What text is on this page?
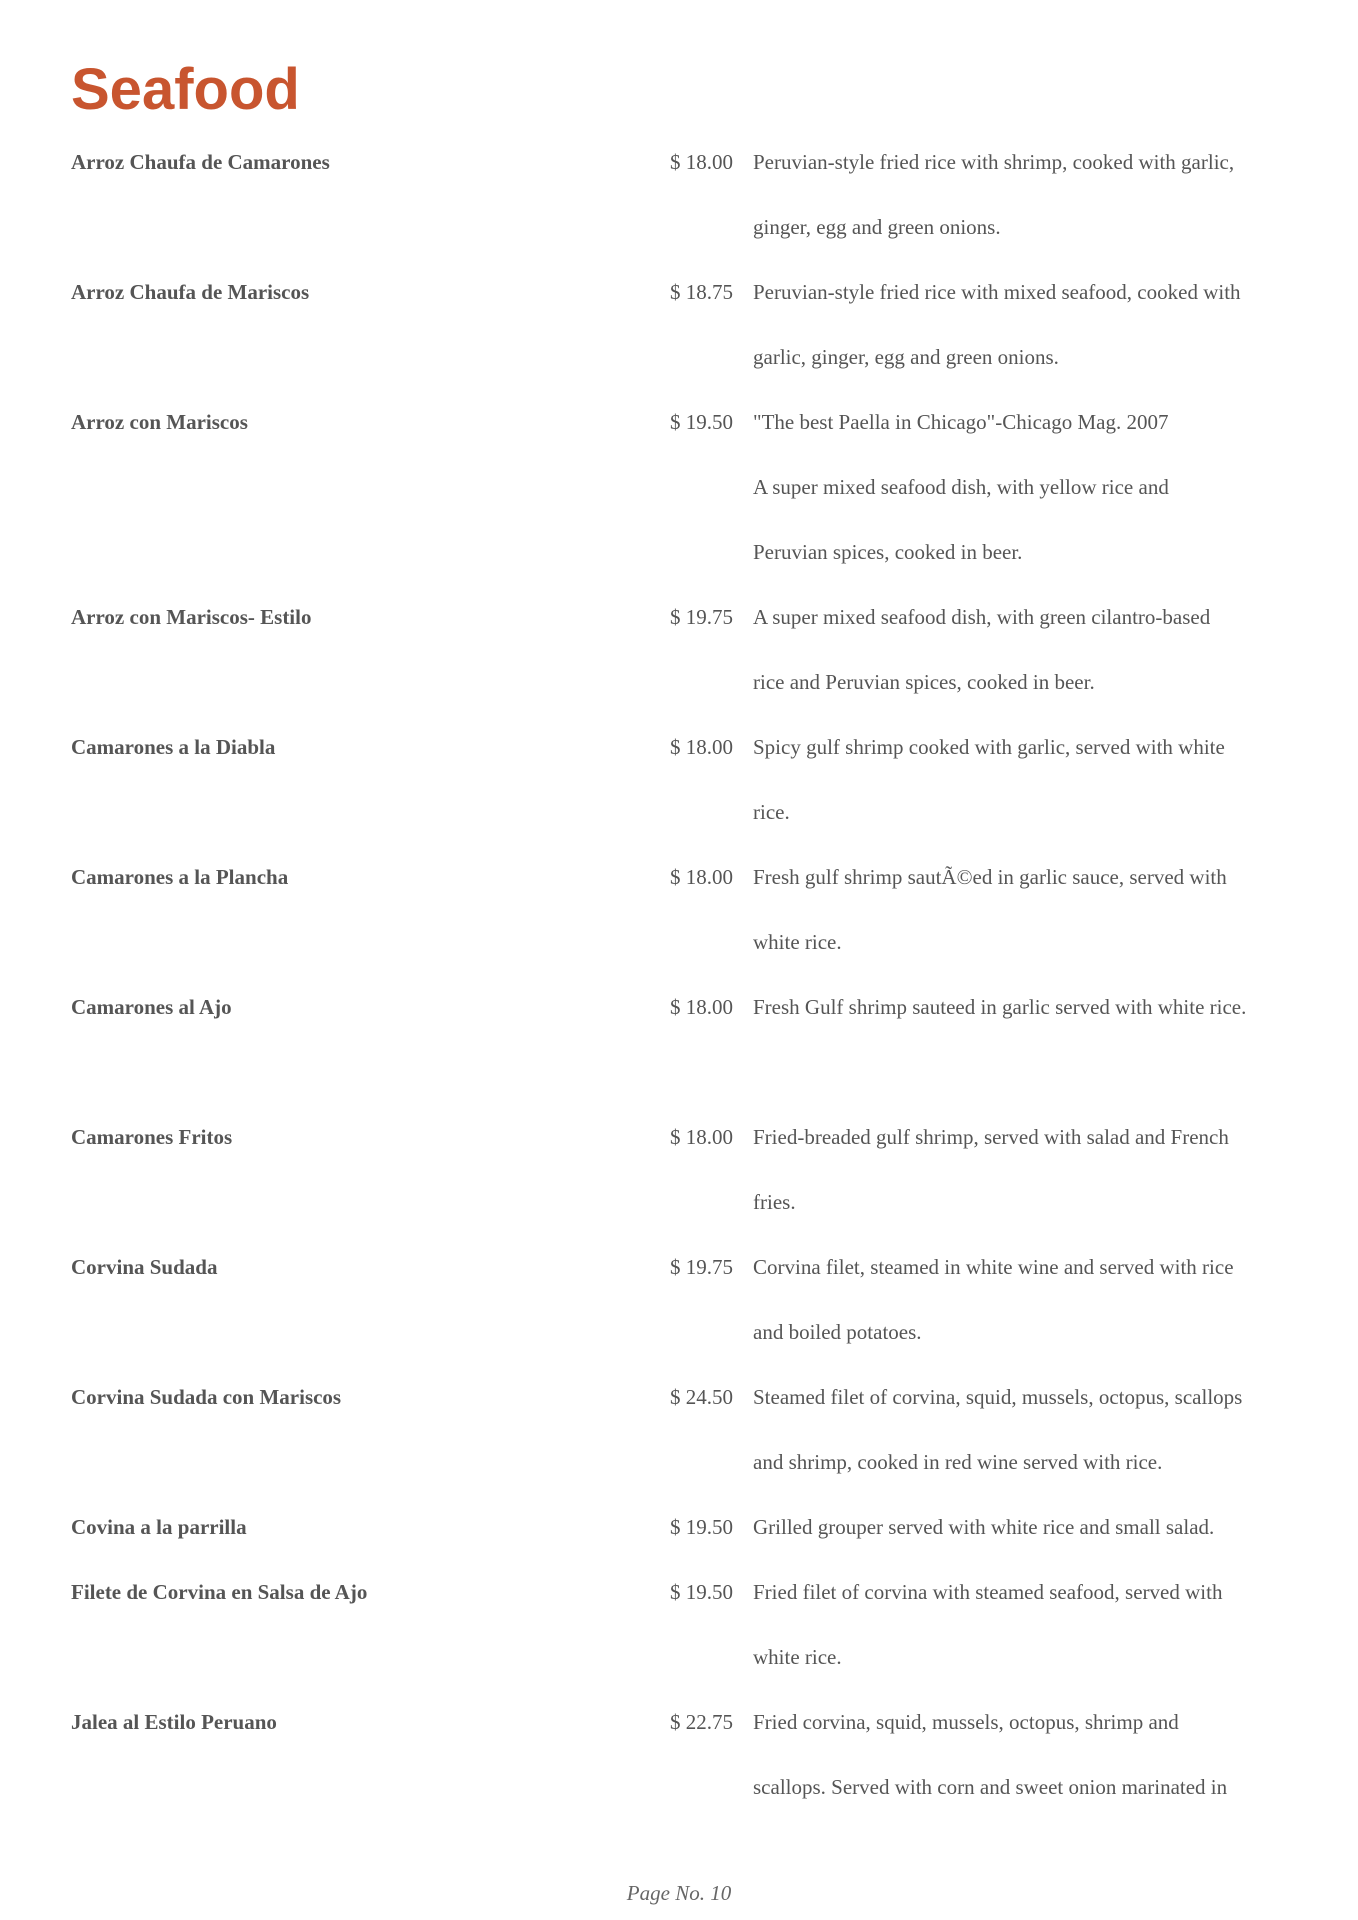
Seafood
Arroz Chaufa de Camarones	$ 18.00 Peruvian-style fried rice with shrimp, cooked with garlic,
ginger, egg and green onions.
Arroz Chaufa de Mariscos	$ 18.75 Peruvian-style fried rice with mixed seafood, cooked with
garlic, ginger, egg and green onions.
Arroz con Mariscos	$ 19.50 "The best Paella in Chicago"-Chicago Mag. 2007
A super mixed seafood dish, with yellow rice and
Peruvian spices, cooked in beer.
Arroz con Mariscos- Estilo	$ 19.75 A super mixed seafood dish, with green cilantro-based
rice and Peruvian spices, cooked in beer.
Camarones a la Diabla	$ 18.00 Spicy gulf shrimp cooked with garlic, served with white
rice.
Camarones a la Plancha	$ 18.00 Fresh gulf shrimp sautÃ©ed in garlic sauce, served with
white rice.
Camarones al Ajo	$ 18.00 Fresh Gulf shrimp sauteed in garlic served with white rice.
Camarones Fritos	$ 18.00 Fried-breaded gulf shrimp, served with salad and French
fries.
Corvina Sudada	$ 19.75 Corvina filet, steamed in white wine and served with rice
and boiled potatoes.
Corvina Sudada con Mariscos	$ 24.50 Steamed filet of corvina, squid, mussels, octopus, scallops
and shrimp, cooked in red wine served with rice.
Covina a la parrilla	$ 19.50 Grilled grouper served with white rice and small salad.
Filete de Corvina en Salsa de Ajo	$ 19.50 Fried filet of corvina with steamed seafood, served with
white rice.
Jalea al Estilo Peruano	$ 22.75 Fried corvina, squid, mussels, octopus, shrimp and
scallops. Served with corn and sweet onion marinated in
Page No. 10
